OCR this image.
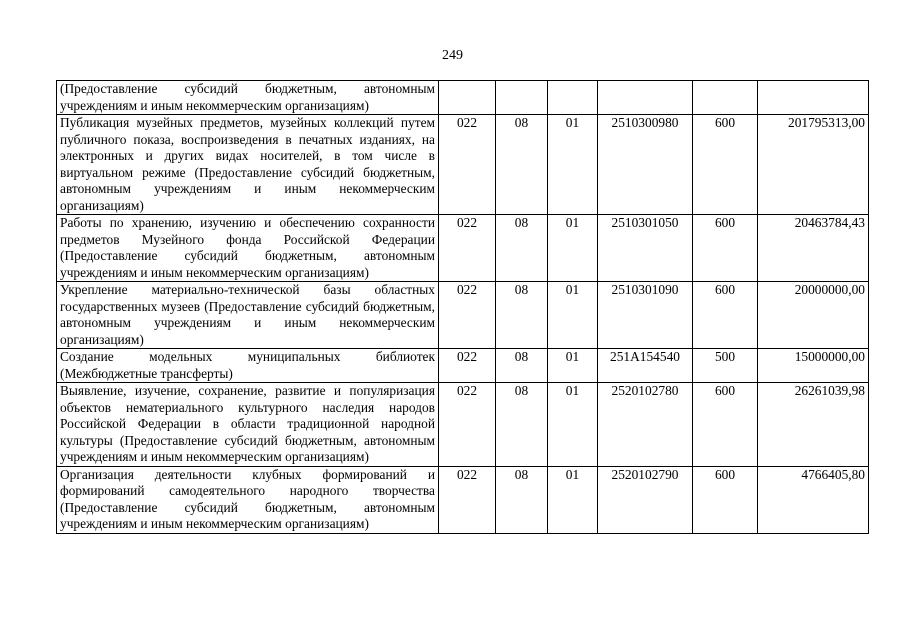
249
(Предоставление субсидий бюджетным, автономным учреждениям и иным некоммерческим организациям)						
Публикация музейных предметов, музейных коллекций путем публичного показа, воспроизведения в печатных изданиях, на электронных и других видах носителей, в том числе в виртуальном режиме (Предоставление субсидий бюджетным, автономным учреждениям и иным некоммерческим организациям)	022	08	01	2510300980	600	201795313,00
Работы по хранению, изучению и обеспечению сохранности предметов Музейного фонда Российской Федерации (Предоставление субсидий бюджетным, автономным учреждениям и иным некоммерческим организациям)	022	08	01	2510301050	600	20463784,43
Укрепление материально-технической базы областных государственных музеев (Предоставление субсидий бюджетным, автономным учреждениям и иным некоммерческим организациям)	022	08	01	2510301090	600	20000000,00
Создание модельных муниципальных библиотек (Межбюджетные трансферты)	022	08	01	251A154540	500	15000000,00
Выявление, изучение, сохранение, развитие и популяризация объектов нематериального культурного наследия народов Российской Федерации в области традиционной народной культуры (Предоставление субсидий бюджетным, автономным учреждениям и иным некоммерческим организациям)	022	08	01	2520102780	600	26261039,98
Организация деятельности клубных формирований и формирований самодеятельного народного творчества (Предоставление субсидий бюджетным, автономным учреждениям и иным некоммерческим организациям)	022	08	01	2520102790	600	4766405,80
